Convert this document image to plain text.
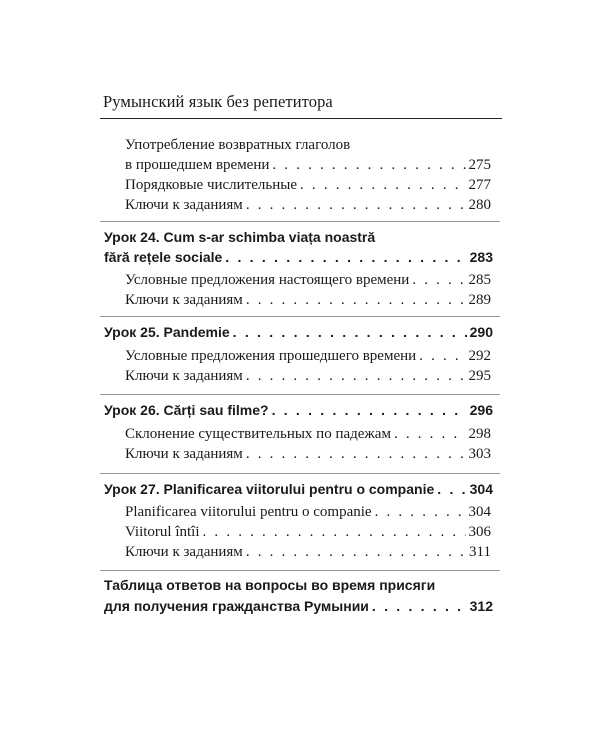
Румынский язык без репетитора
Употребление возвратных глаголов
в прошедшем времени . . .	275
Порядковые числительные . . .	277
Ключи к заданиям . . .	280
Урок 24. Cum s-ar schimba viața noastră
fără rețele sociale . . .	283
Условные предложения настоящего времени . . .	285
Ключи к заданиям . . .	289
Урок 25. Pandemie . . .	290
Условные предложения прошедшего времени . . .	292
Ключи к заданиям . . .	295
Урок 26. Cărți sau filme? . . .	296
Склонение существительных по падежам . . .	298
Ключи к заданиям . . .	303
Урок 27. Planificarea viitorului pentru o companie . . .	304
Planificarea viitorului pentru o companie . . .	304
Viitorul întîi . . .	306
Ключи к заданиям . . .	311
Таблица ответов на вопросы во время присяги
для получения гражданства Румынии . . .	312
